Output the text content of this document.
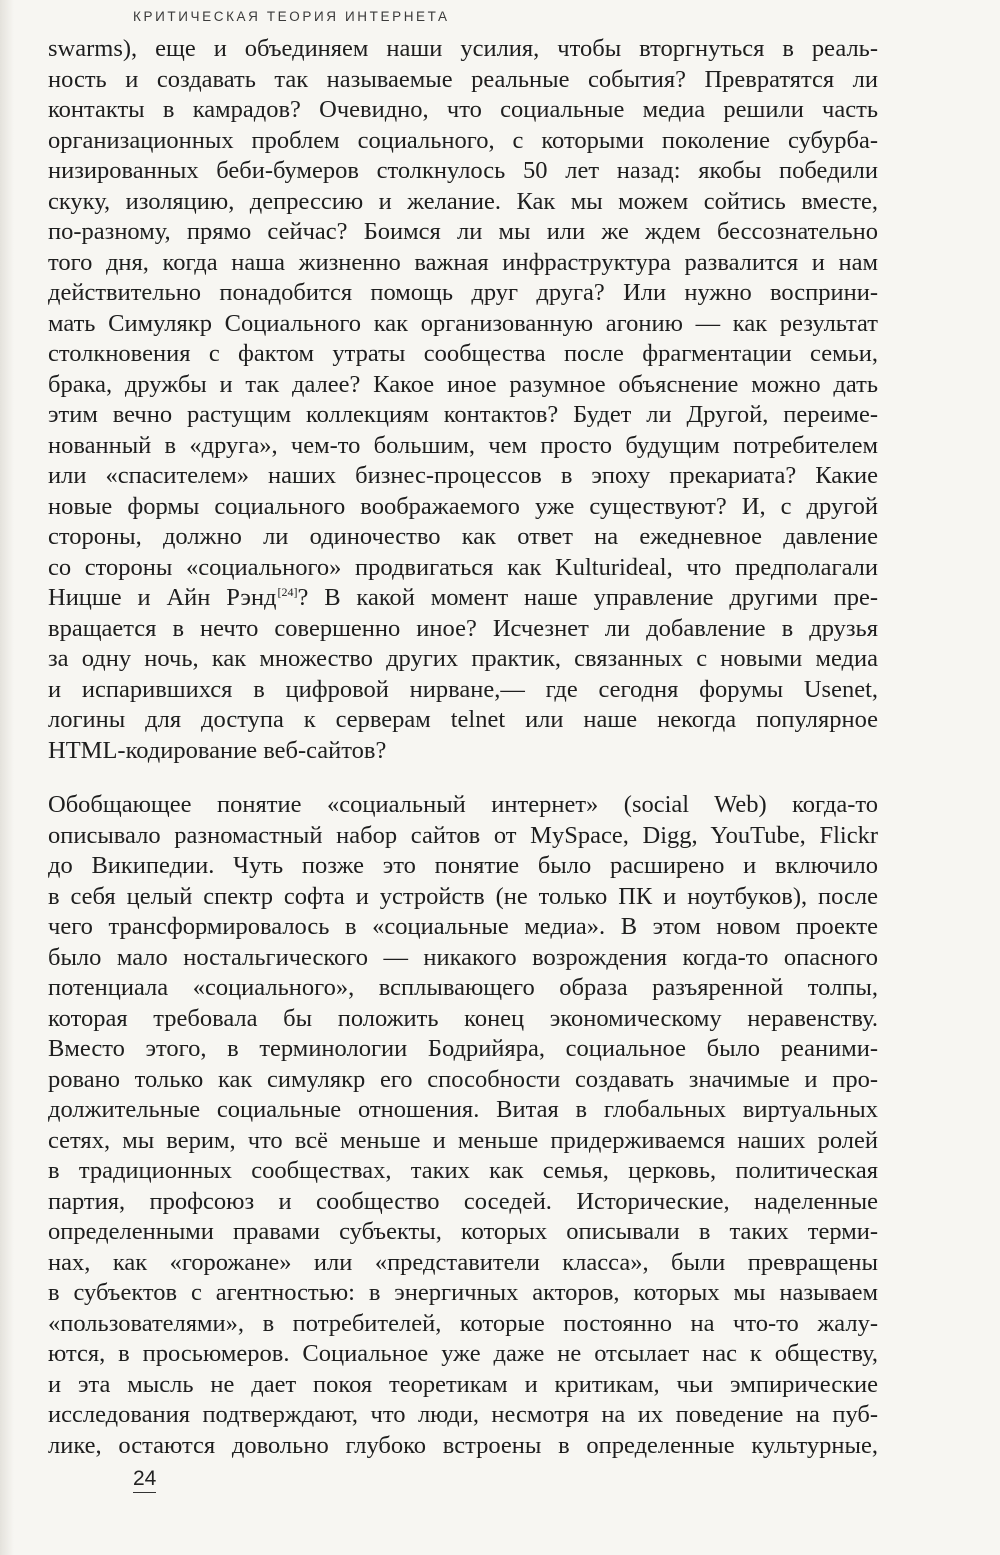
КРИТИЧЕСКАЯ ТЕОРИЯ ИНТЕРНЕТА
swarms), еще и объединяем наши усилия, чтобы вторгнуться в реаль-
ность и создавать так называемые реальные события? Превратятся ли
контакты в камрадов? Очевидно, что социальные медиа решили часть
организационных проблем социального, с которыми поколение субурба-
низированных беби-бумеров столкнулось 50 лет назад: якобы победили
скуку, изоляцию, депрессию и желание. Как мы можем сойтись вместе,
по-разному, прямо сейчас? Боимся ли мы или же ждем бессознательно
того дня, когда наша жизненно важная инфраструктура развалится и нам
действительно понадобится помощь друг друга? Или нужно восприни-
мать Симулякр Социального как организованную агонию — как результат
столкновения с фактом утраты сообщества после фрагментации семьи,
брака, дружбы и так далее? Какое иное разумное объяснение можно дать
этим вечно растущим коллекциям контактов? Будет ли Другой, переиме-
нованный в «друга», чем-то большим, чем просто будущим потребителем
или «спасителем» наших бизнес-процессов в эпоху прекариата? Какие
новые формы социального воображаемого уже существуют? И, с другой
стороны, должно ли одиночество как ответ на ежедневное давление
со стороны «социального» продвигаться как Kulturideal, что предполагали
Ницше и Айн Рэнд[24]? В какой момент наше управление другими пре-
вращается в нечто совершенно иное? Исчезнет ли добавление в друзья
за одну ночь, как множество других практик, связанных с новыми медиа
и испарившихся в цифровой нирване,— где сегодня форумы Usenet,
логины для доступа к серверам telnet или наше некогда популярное
HTML-кодирование веб-сайтов?
Обобщающее понятие «социальный интернет» (social Web) когда-то
описывало разномастный набор сайтов от MySpace, Digg, YouTube, Flickr
до Википедии. Чуть позже это понятие было расширено и включило
в себя целый спектр софта и устройств (не только ПК и ноутбуков), после
чего трансформировалось в «социальные медиа». В этом новом проекте
было мало ностальгического — никакого возрождения когда-то опасного
потенциала «социального», всплывающего образа разъяренной толпы,
которая требовала бы положить конец экономическому неравенству.
Вместо этого, в терминологии Бодрийяра, социальное было реаними-
ровано только как симулякр его способности создавать значимые и про-
должительные социальные отношения. Витая в глобальных виртуальных
сетях, мы верим, что всё меньше и меньше придерживаемся наших ролей
в традиционных сообществах, таких как семья, церковь, политическая
партия, профсоюз и сообщество соседей. Исторические, наделенные
определенными правами субъекты, которых описывали в таких терми-
нах, как «горожане» или «представители класса», были превращены
в субъектов с агентностью: в энергичных акторов, которых мы называем
«пользователями», в потребителей, которые постоянно на что-то жалу-
ются, в просьюмеров. Социальное уже даже не отсылает нас к обществу,
и эта мысль не дает покоя теоретикам и критикам, чьи эмпирические
исследования подтверждают, что люди, несмотря на их поведение на пуб-
лике, остаются довольно глубоко встроены в определенные культурные,
24
